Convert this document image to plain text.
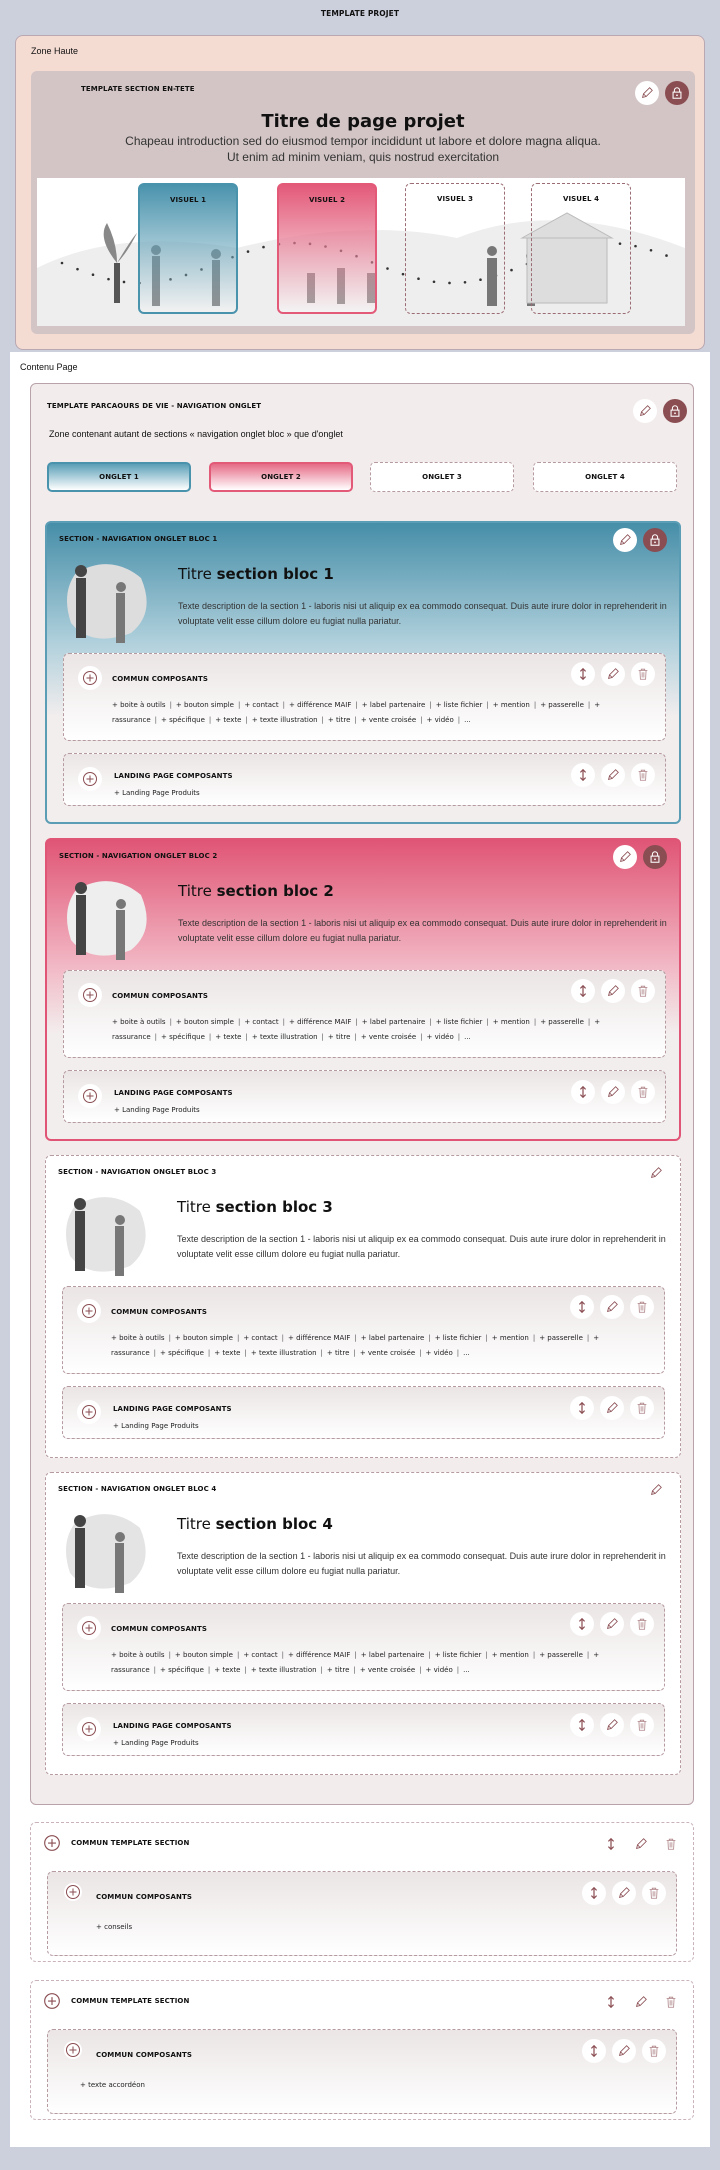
TEMPLATE PROJET
Zone Haute
TEMPLATE SECTION EN-TETE
Titre de page projet
Chapeau introduction sed do eiusmod tempor incididunt ut labore et dolore magna aliqua.
Ut enim ad minim veniam, quis nostrud exercitation
VISUEL 1	VISUEL 2	VISUEL 3	VISUEL 4
Contenu Page
TEMPLATE PARCAOURS DE VIE - NAVIGATION ONGLET
Zone contenant autant de sections « navigation onglet bloc » que d'onglet
ONGLET 1	ONGLET 2	ONGLET 3	ONGLET 4
SECTION - NAVIGATION ONGLET BLOC 1
Titre section bloc 1
Texte description de la section 1 - laboris nisi ut aliquip ex ea commodo consequat. Duis aute irure dolor in reprehenderit in voluptate velit esse cillum dolore eu fugiat nulla pariatur.
COMMUN COMPOSANTS
+ boite à outils | + bouton simple | + contact | + différence MAIF | + label partenaire | + liste fichier | + mention | + passerelle | + rassurance | + spécifique | + texte | + texte illustration | + titre | + vente croisée | + vidéo | ...
LANDING PAGE COMPOSANTS
+ Landing Page Produits
SECTION - NAVIGATION ONGLET BLOC 2
Titre section bloc 2
Texte description de la section 1 - laboris nisi ut aliquip ex ea commodo consequat. Duis aute irure dolor in reprehenderit in voluptate velit esse cillum dolore eu fugiat nulla pariatur.
COMMUN COMPOSANTS
+ boite à outils | + bouton simple | + contact | + différence MAIF | + label partenaire | + liste fichier | + mention | + passerelle | + rassurance | + spécifique | + texte | + texte illustration | + titre | + vente croisée | + vidéo | ...
LANDING PAGE COMPOSANTS
+ Landing Page Produits
SECTION - NAVIGATION ONGLET BLOC 3
Titre section bloc 3
Texte description de la section 1 - laboris nisi ut aliquip ex ea commodo consequat. Duis aute irure dolor in reprehenderit in voluptate velit esse cillum dolore eu fugiat nulla pariatur.
COMMUN COMPOSANTS
+ boite à outils | + bouton simple | + contact | + différence MAIF | + label partenaire | + liste fichier | + mention | + passerelle | + rassurance | + spécifique | + texte | + texte illustration | + titre | + vente croisée | + vidéo | ...
LANDING PAGE COMPOSANTS
+ Landing Page Produits
SECTION - NAVIGATION ONGLET BLOC 4
Titre section bloc 4
Texte description de la section 1 - laboris nisi ut aliquip ex ea commodo consequat. Duis aute irure dolor in reprehenderit in voluptate velit esse cillum dolore eu fugiat nulla pariatur.
COMMUN COMPOSANTS
+ boite à outils | + bouton simple | + contact | + différence MAIF | + label partenaire | + liste fichier | + mention | + passerelle | + rassurance | + spécifique | + texte | + texte illustration | + titre | + vente croisée | + vidéo | ...
LANDING PAGE COMPOSANTS
+ Landing Page Produits
COMMUN TEMPLATE SECTION
COMMUN COMPOSANTS
+ conseils
COMMUN TEMPLATE SECTION
COMMUN COMPOSANTS
+ texte accordéon
